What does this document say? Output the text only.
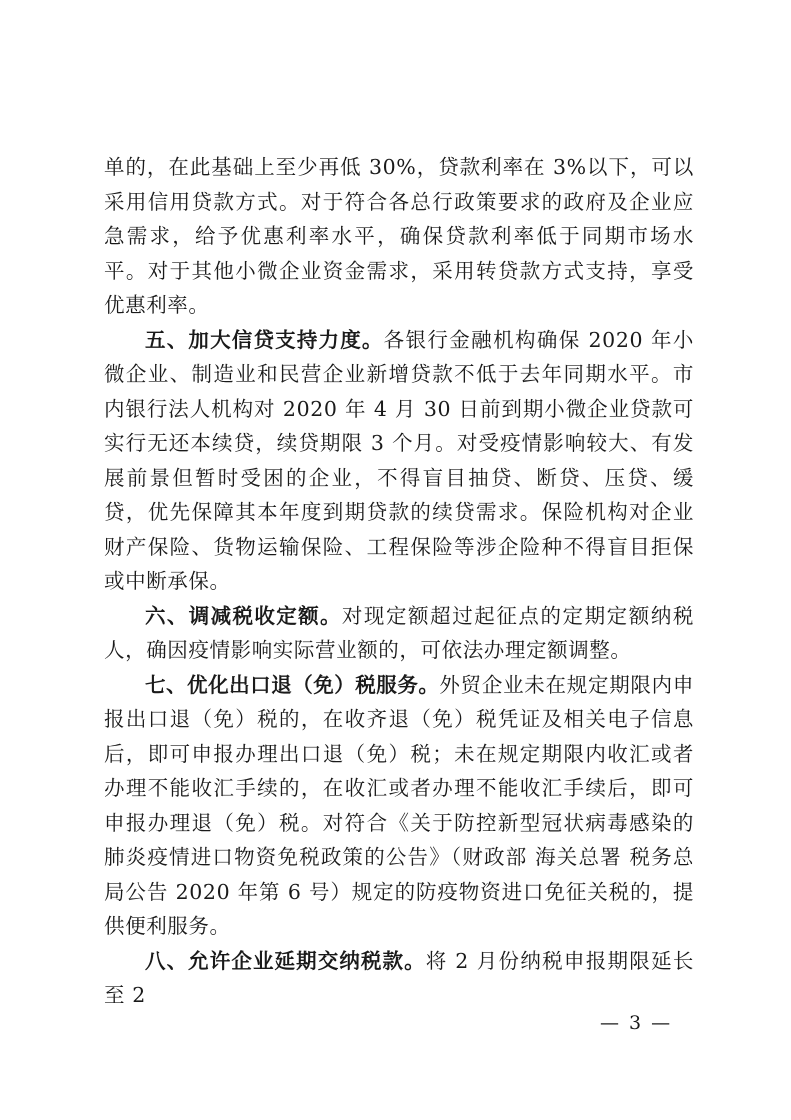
单的，在此基础上至少再低 30%，贷款利率在 3%以下，可以采用信用贷款方式。对于符合各总行政策要求的政府及企业应急需求，给予优惠利率水平，确保贷款利率低于同期市场水平。对于其他小微企业资金需求，采用转贷款方式支持，享受优惠利率。

五、加大信贷支持力度。各银行金融机构确保 2020 年小微企业、制造业和民营企业新增贷款不低于去年同期水平。市内银行法人机构对 2020 年 4 月 30 日前到期小微企业贷款可实行无还本续贷，续贷期限 3 个月。对受疫情影响较大、有发展前景但暂时受困的企业，不得盲目抽贷、断贷、压贷、缓贷，优先保障其本年度到期贷款的续贷需求。保险机构对企业财产保险、货物运输保险、工程保险等涉企险种不得盲目拒保或中断承保。

六、调减税收定额。对现定额超过起征点的定期定额纳税人，确因疫情影响实际营业额的，可依法办理定额调整。

七、优化出口退（免）税服务。外贸企业未在规定期限内申报出口退（免）税的，在收齐退（免）税凭证及相关电子信息后，即可申报办理出口退（免）税；未在规定期限内收汇或者办理不能收汇手续的，在收汇或者办理不能收汇手续后，即可申报办理退（免）税。对符合《关于防控新型冠状病毒感染的肺炎疫情进口物资免税政策的公告》（财政部 海关总署 税务总局公告 2020 年第 6 号）规定的防疫物资进口免征关税的，提供便利服务。

八、允许企业延期交纳税款。将 2 月份纳税申报期限延长至 2

— 3 —
